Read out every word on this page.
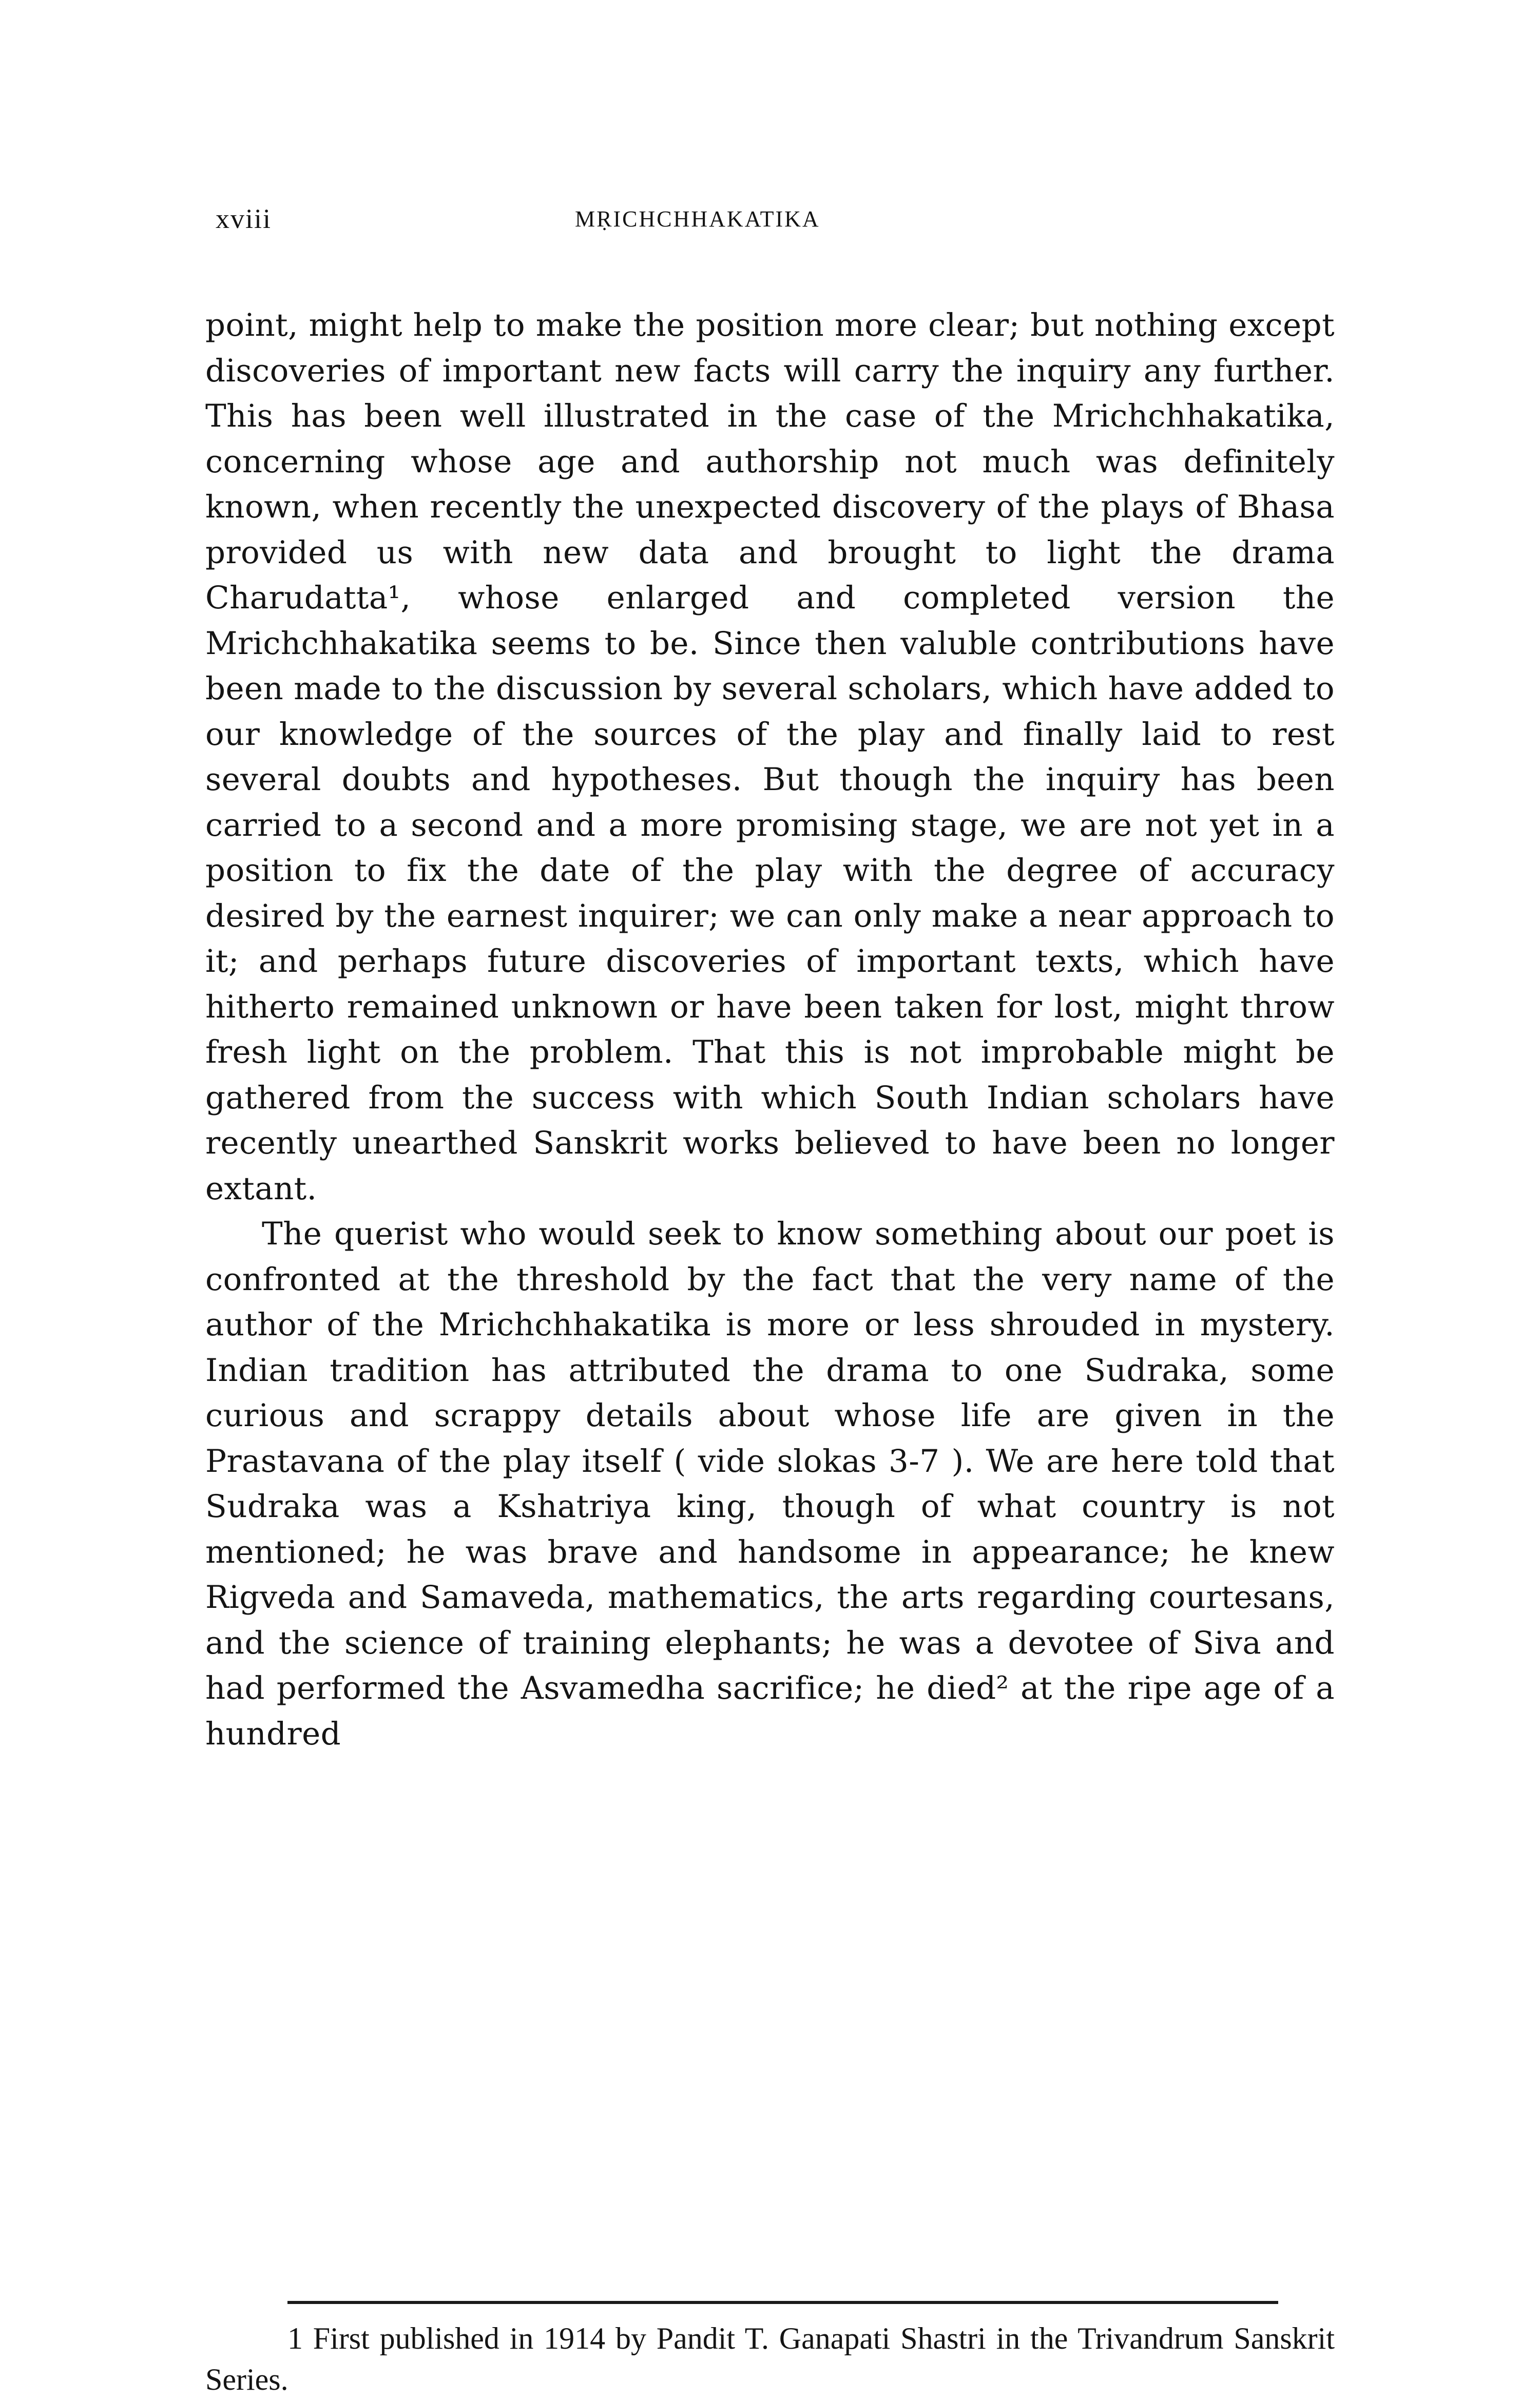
xviii	MṚICHCHHAKATIKA

point, might help to make the position more clear; but nothing except discoveries of important new facts will carry the inquiry any further. This has been well illustrated in the case of the Mrichchhakatika, concerning whose age and authorship not much was definitely known, when recently the unexpected discovery of the plays of Bhasa provided us with new data and brought to light the drama Charudatta¹, whose enlarged and completed version the Mrichchhakatika seems to be. Since then valuble contributions have been made to the discussion by several scholars, which have added to our knowledge of the sources of the play and finally laid to rest several doubts and hypotheses. But though the inquiry has been carried to a second and a more promising stage, we are not yet in a position to fix the date of the play with the degree of accuracy desired by the earnest inquirer; we can only make a near approach to it; and perhaps future discoveries of important texts, which have hitherto remained unknown or have been taken for lost, might throw fresh light on the problem. That this is not improbable might be gathered from the success with which South Indian scholars have recently unearthed Sanskrit works believed to have been no longer extant.

The querist who would seek to know something about our poet is confronted at the threshold by the fact that the very name of the author of the Mrichchhakatika is more or less shrouded in mystery. Indian tradition has attributed the drama to one Sudraka, some curious and scrappy details about whose life are given in the Prastavana of the play itself ( vide slokas 3-7 ). We are here told that Sudraka was a Kshatriya king, though of what country is not mentioned; he was brave and handsome in appearance; he knew Rigveda and Samaveda, mathematics, the arts regarding courtesans, and the science of training elephants; he was a devotee of Siva and had performed the Asvamedha sacrifice; he died² at the ripe age of a hundred

1 First published in 1914 by Pandit T. Ganapati Shastri in the Trivandrum Sanskrit Series.
